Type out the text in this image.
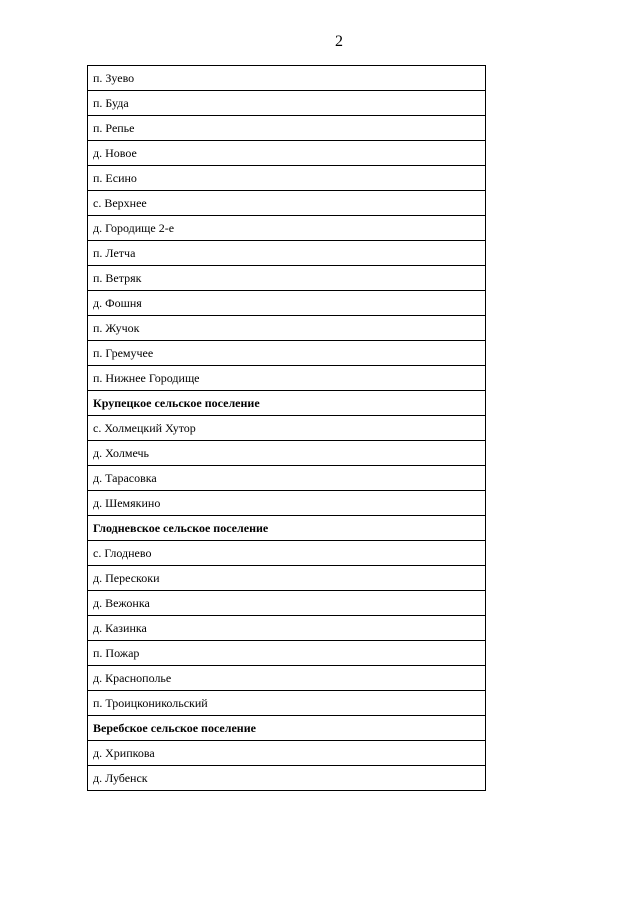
2
п. Зуево
п. Буда
п. Репье
д. Новое
п. Есино
с. Верхнее
д. Городище 2-е
п. Летча
п. Ветряк
д. Фошня
п. Жучок
п. Гремучее
п. Нижнее Городище
Крупецкое сельское поселение
с. Холмецкий Хутор
д. Холмечь
д. Тарасовка
д. Шемякино
Глодневское сельское поселение
с. Глоднево
д. Перескоки
д. Вежонка
д. Казинка
п. Пожар
д. Краснополье
п. Троицконикольский
Веребское сельское поселение
д. Хрипкова
д. Лубенск
